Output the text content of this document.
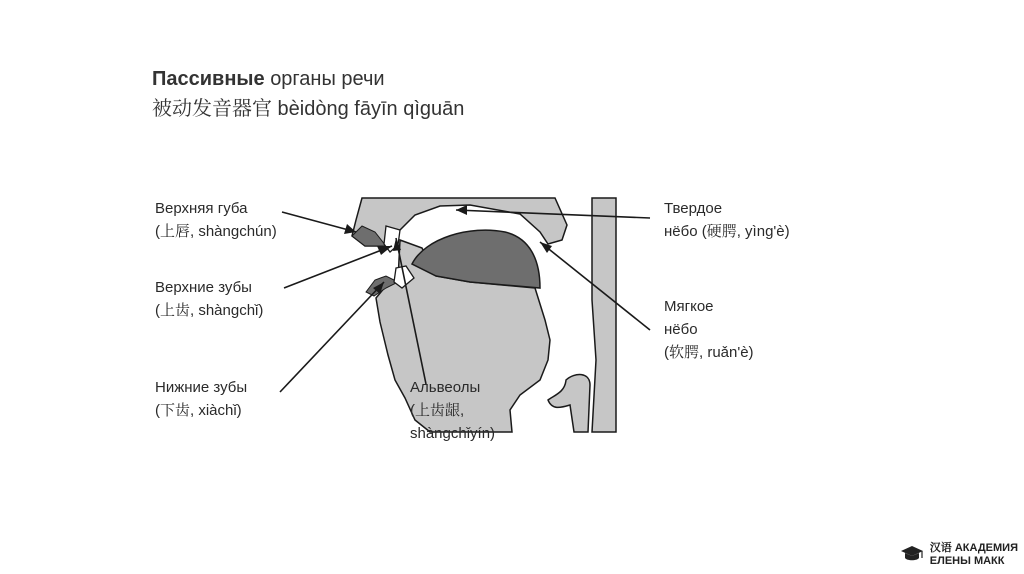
Пассивные органы речи
被动发音器官 bèidòng fāyīn qìguān
Верхняя губа
(上唇, shàngchún)
Верхние зубы
(上齿, shàngchǐ)
Нижние зубы
(下齿, xiàchǐ)
Альвеолы
(上齿龈,
shàngchǐyín)
Твердое
нёбо (硬腭, yìng'è)
Мягкое
нёбо
(软腭, ruǎn'è)
汉语 АКАДЕМИЯ
ЕЛЕНЫ МАКК
